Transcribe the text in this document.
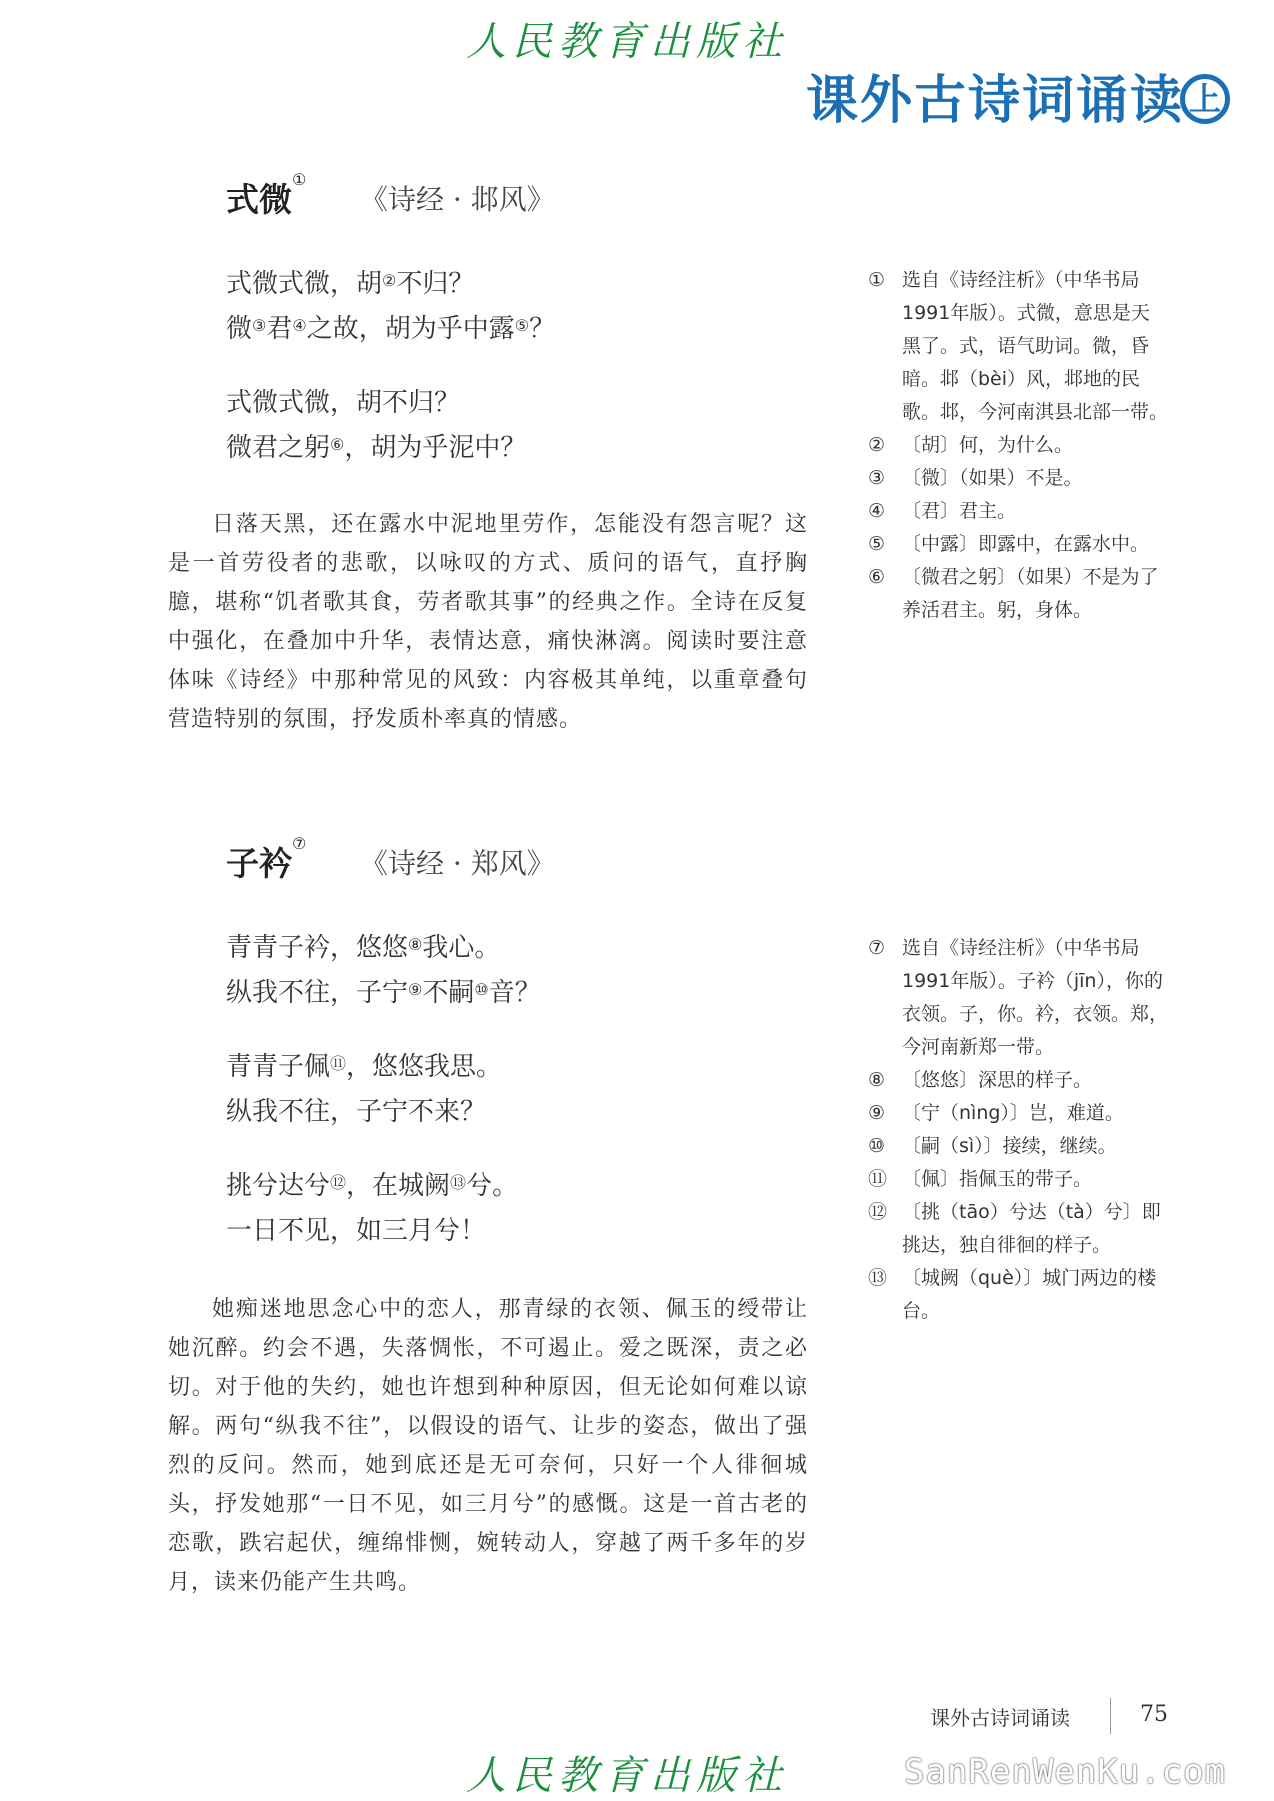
人民教育出版社
课外古诗词诵读 上
式微①
《诗经 · 邶风》
式微式微，胡②不归？
微③君④之故，胡为乎中露⑤？
式微式微，胡不归？
微君之躬⑥，胡为乎泥中？
日落天黑，还在露水中泥地里劳作，怎能没有怨言呢？这是一首劳役者的悲歌，以咏叹的方式、质问的语气，直抒胸臆，堪称“饥者歌其食，劳者歌其事”的经典之作。全诗在反复中强化，在叠加中升华，表情达意，痛快淋漓。阅读时要注意体味《诗经》中那种常见的风致：内容极其单纯，以重章叠句营造特别的氛围，抒发质朴率真的情感。
① 选自《诗经注析》（中华书局1991年版）。式微，意思是天黑了。式，语气助词。微，昏暗。邶（bèi）风，邶地的民歌。邶，今河南淇县北部一带。
② 〔胡〕何，为什么。
③ 〔微〕（如果）不是。
④ 〔君〕君主。
⑤ 〔中露〕即露中，在露水中。
⑥ 〔微君之躬〕（如果）不是为了养活君主。躬，身体。
子衿⑦
《诗经 · 郑风》
青青子衿，悠悠⑧我心。
纵我不往，子宁⑨不嗣⑩音？
青青子佩⑪，悠悠我思。
纵我不往，子宁不来？
挑兮达兮⑫，在城阙⑬兮。
一日不见，如三月兮！
她痴迷地思念心中的恋人，那青绿的衣领、佩玉的绶带让她沉醉。约会不遇，失落惆怅，不可遏止。爱之既深，责之必切。对于他的失约，她也许想到种种原因，但无论如何难以谅解。两句“纵我不往”，以假设的语气、让步的姿态，做出了强烈的反问。然而，她到底还是无可奈何，只好一个人徘徊城头，抒发她那“一日不见，如三月兮”的感慨。这是一首古老的恋歌，跌宕起伏，缠绵悱恻，婉转动人，穿越了两千多年的岁月，读来仍能产生共鸣。
⑦ 选自《诗经注析》（中华书局1991年版）。子衿（jīn），你的衣领。子，你。衿，衣领。郑，今河南新郑一带。
⑧ 〔悠悠〕深思的样子。
⑨ 〔宁（nìng）〕岂，难道。
⑩ 〔嗣（sì）〕接续，继续。
⑪ 〔佩〕指佩玉的带子。
⑫ 〔挑（tāo）兮达（tà）兮〕即挑达，独自徘徊的样子。
⑬ 〔城阙（què）〕城门两边的楼台。
课外古诗词诵读	75
人民教育出版社	SanRenWenKu.com
